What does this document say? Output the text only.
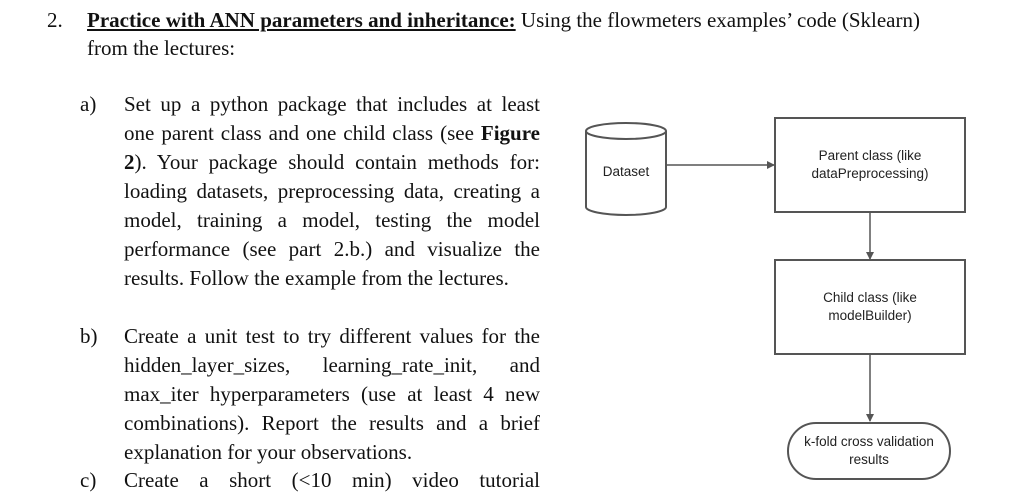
2. Practice with ANN parameters and inheritance: Using the flowmeters examples’ code (Sklearn)
from the lectures:
a) Set up a python package that includes at least one parent class and one child class (see Figure 2). Your package should contain methods for: loading datasets, preprocessing data, creating a model, training a model, testing the model performance (see part 2.b.) and visualize the results. Follow the example from the lectures.
b) Create a unit test to try different values for the hidden_layer_sizes, learning_rate_init, and max_iter hyperparameters (use at least 4 new combinations). Report the results and a brief explanation for your observations.
c) Create a short (<10 min) video tutorial
Dataset
Parent class (like
dataPreprocessing)
Child class (like
modelBuilder)
k-fold cross validation
results
